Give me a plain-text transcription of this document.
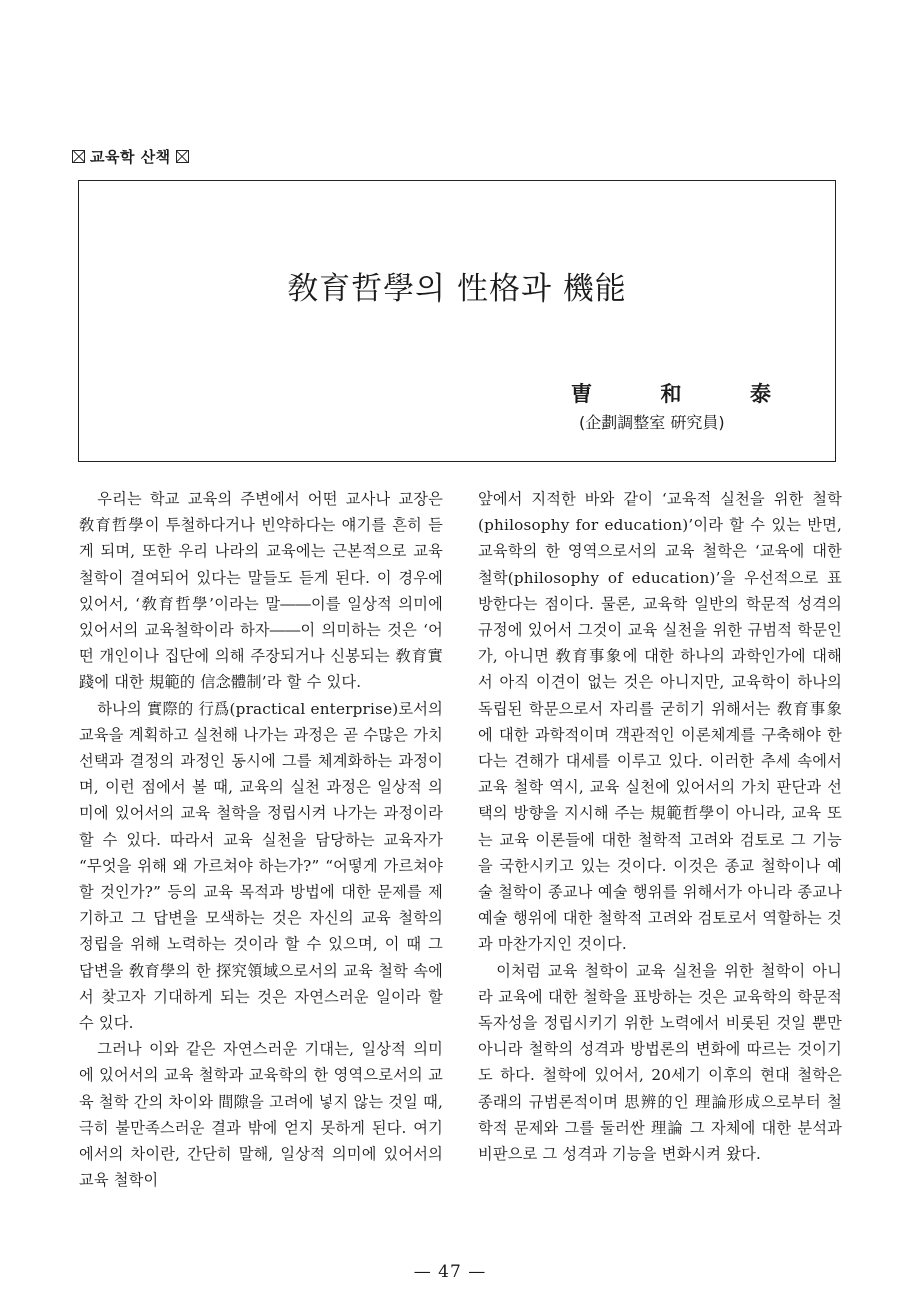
교육학 산책
敎育哲學의 性格과 機能
曺	和	泰
(企劃調整室 硏究員)

우리는 학교 교육의 주변에서 어떤 교사나 교장은 敎育哲學이 투철하다거나 빈약하다는 얘기를 흔히 듣게 되며, 또한 우리 나라의 교육에는 근본적으로 교육 철학이 결여되어 있다는 말들도 듣게 된다. 이 경우에 있어서, ‘敎育哲學’이라는 말――이를 일상적 의미에 있어서의 교육철학이라 하자――이 의미하는 것은 ‘어떤 개인이나 집단에 의해 주장되거나 신봉되는 敎育實踐에 대한 規範的 信念體制’라 할 수 있다.

하나의 實際的 行爲(practical enterprise)로서의 교육을 계획하고 실천해 나가는 과정은 곧 수많은 가치선택과 결정의 과정인 동시에 그를 체계화하는 과정이며, 이런 점에서 볼 때, 교육의 실천 과정은 일상적 의미에 있어서의 교육 철학을 정립시켜 나가는 과정이라 할 수 있다. 따라서 교육 실천을 담당하는 교육자가 “무엇을 위해 왜 가르쳐야 하는가?” “어떻게 가르쳐야 할 것인가?” 등의 교육 목적과 방법에 대한 문제를 제기하고 그 답변을 모색하는 것은 자신의 교육 철학의 정립을 위해 노력하는 것이라 할 수 있으며, 이 때 그 답변을 敎育學의 한 探究領域으로서의 교육 철학 속에서 찾고자 기대하게 되는 것은 자연스러운 일이라 할 수 있다.

그러나 이와 같은 자연스러운 기대는, 일상적 의미에 있어서의 교육 철학과 교육학의 한 영역으로서의 교육 철학 간의 차이와 間隙을 고려에 넣지 않는 것일 때, 극히 불만족스러운 결과 밖에 얻지 못하게 된다. 여기에서의 차이란, 간단히 말해, 일상적 의미에 있어서의 교육 철학이

앞에서 지적한 바와 같이 ‘교육적 실천을 위한 철학(philosophy for education)’이라 할 수 있는 반면, 교육학의 한 영역으로서의 교육 철학은 ‘교육에 대한 철학(philosophy of education)’을 우선적으로 표방한다는 점이다. 물론, 교육학 일반의 학문적 성격의 규정에 있어서 그것이 교육 실천을 위한 규범적 학문인가, 아니면 敎育事象에 대한 하나의 과학인가에 대해서 아직 이견이 없는 것은 아니지만, 교육학이 하나의 독립된 학문으로서 자리를 굳히기 위해서는 敎育事象에 대한 과학적이며 객관적인 이론체계를 구축해야 한다는 견해가 대세를 이루고 있다. 이러한 추세 속에서 교육 철학 역시, 교육 실천에 있어서의 가치 판단과 선택의 방향을 지시해 주는 規範哲學이 아니라, 교육 또는 교육 이론들에 대한 철학적 고려와 검토로 그 기능을 국한시키고 있는 것이다. 이것은 종교 철학이나 예술 철학이 종교나 예술 행위를 위해서가 아니라 종교나 예술 행위에 대한 철학적 고려와 검토로서 역할하는 것과 마찬가지인 것이다.

이처럼 교육 철학이 교육 실천을 위한 철학이 아니라 교육에 대한 철학을 표방하는 것은 교육학의 학문적 독자성을 정립시키기 위한 노력에서 비롯된 것일 뿐만 아니라 철학의 성격과 방법론의 변화에 따르는 것이기도 하다. 철학에 있어서, 20세기 이후의 현대 철학은 종래의 규범론적이며 思辨的인 理論形成으로부터 철학적 문제와 그를 둘러싼 理論 그 자체에 대한 분석과 비판으로 그 성격과 기능을 변화시켜 왔다.

— 47 —
